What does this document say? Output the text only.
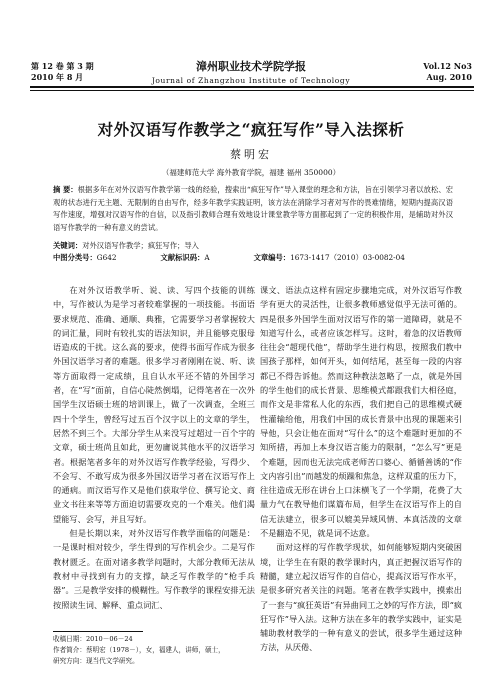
第 12 卷 第 3 期
2010 年 8 月
漳州职业技术学院学报
Journal of Zhangzhou Institute of Technology
Vol.12 No3
Aug. 2010
对外汉语写作教学之“疯狂写作”导入法探析
蔡明宏
（福建师范大学 海外教育学院，福建 福州 350000）
摘 要：根据多年在对外汉语写作教学第一线的经验，搜索出“疯狂写作”导入课堂的理念和方法，旨在引领学习者以放松、宏观的状态进行无主题、无限制的自由写作，经多年教学实践证明，该方法在消除学习者对写作的畏难情绪，短期内提高汉语写作速度，增强对汉语写作的自信，以及指引教师合理有效地设计课堂教学等方面都起到了一定的积极作用，是辅助对外汉语写作教学的一种有意义的尝试。
关键词：对外汉语写作教学；疯狂写作；导入
中图分类号：G642	文献标识码：A	文章编号：1673-1417（2010）03-0082-04

在对外汉语教学听、说、读、写四个技能的训练中，写作被认为是学习者较难掌握的一项技能。书面语要求规范、准确、通顺、典雅，它需要学习者掌握较大的词汇量，同时有较扎实的语法知识，并且能够克服母语造成的干扰。这么高的要求，使得书面写作成为很多外国汉语学习者的难题。很多学习者刚刚在说、听、读等方面取得一定成绩，且自认水平还不错的外国学习者，在“写”面前，自信心陡然倒塌，记得笔者在一次外国学生汉语硕士班的培训课上，做了一次调查，全班三四十个学生，曾经写过五百个汉字以上的文章的学生，居然不到三个。大部分学生从来没写过超过一百个字的文章，硕士班尚且如此，更勿庸说其他水平的汉语学习者。根据笔者多年的对外汉语写作教学经验，写得少、不会写、不敢写成为很多外国汉语学习者在汉语写作上的通病。而汉语写作又是他们获取学位、撰写论文、商业文书往来等等方面迫切需要攻克的一个难关。他们渴望能写、会写，并且写好。

但是长期以来，对外汉语写作教学面临的问题是：一是课时相对较少，学生得到的写作机会少。二是写作教材匮乏。在面对诸多教学问题时，大部分教师无法从教材中寻找到有力的支撑，缺乏写作教学的“枪手兵器”。三是教学安排的模糊性。写作教学的课程安排无法按照读生词、解释、重点词汇、

课文、语法点这样有固定步骤地完成，对外汉语写作教学有更大的灵活性，让很多教师感觉似乎无法可循的。四是很多外国学生面对汉语写作的第一道障碍，就是不知道写什么，或者应该怎样写。这时，着急的汉语教师往往会“超现代他”，帮助学生进行构思，按照我们教中国孩子那样，如何开头，如何结尾，甚至每一段的内容都已不得告诉他。然而这种教法忽略了一点，就是外国的学生他们的成长背景、思维模式都跟我们大相径庭，而作文是非常私人化的东西，我们把自己的思维模式硬性灌输给他，用我们中国的成长背景中出现的课题来引导他，只会让他在面对“写什么”的这个难题时更加的不知所措，再加上本身汉语言能力的限制，“怎么写”更是个难题，因而也无法完成老师苦口婆心、循循善诱的“作文内容引出”而越发的烦躁和焦急，这样双重的压力下，往往造成无形在讲台上口沫横飞了一个学期，花费了大量力气在教导他们谋篇布局，但学生在汉语写作上的自信无法建立，很多可以媲美异域风情、本真活泼的文章不是翻造不见，就是词不达意。

面对这样的写作教学现状，如何能够短期内突破困境，让学生在有限的教学课时内，真正把握汉语写作的精髓，建立起汉语写作的自信心，提高汉语写作水平，是很多研究者关注的问题。笔者在教学实践中，摸索出了一套与“疯狂英语”有异曲同工之妙的写作方法，即“疯狂写作”导入法。这种方法在多年的教学实践中，证实是辅助教材教学的一种有意义的尝试，很多学生通过这种方法，从厌倦、

收稿日期：2010－06－24
作者简介：蔡明宏（1978－），女，福建人，讲师，硕士，
研究方向：现当代文学研究。
